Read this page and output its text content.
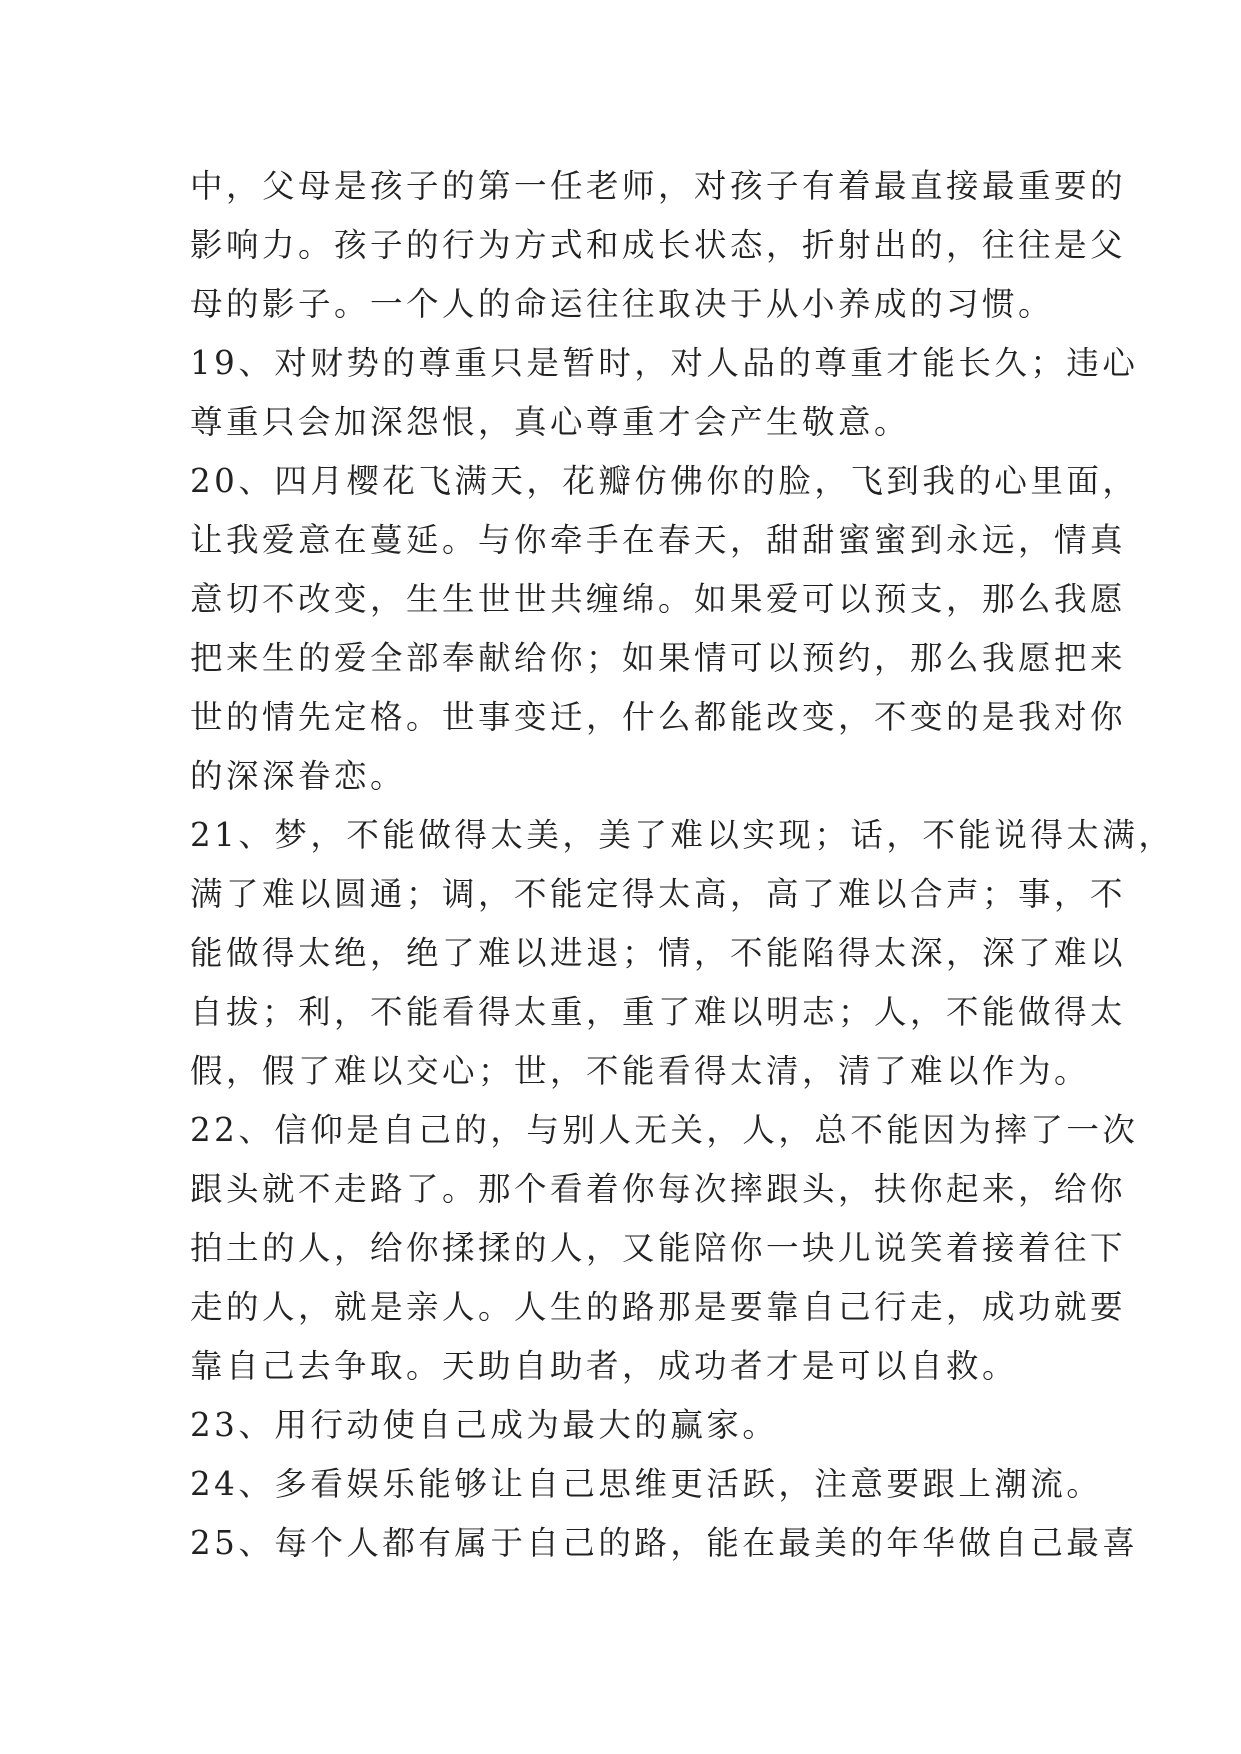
中，父母是孩子的第一任老师，对孩子有着最直接最重要的
影响力。孩子的行为方式和成长状态，折射出的，往往是父
母的影子。一个人的命运往往取决于从小养成的习惯。
19、对财势的尊重只是暂时，对人品的尊重才能长久；违心
尊重只会加深怨恨，真心尊重才会产生敬意。
20、四月樱花飞满天，花瓣仿佛你的脸，飞到我的心里面，
让我爱意在蔓延。与你牵手在春天，甜甜蜜蜜到永远，情真
意切不改变，生生世世共缠绵。如果爱可以预支，那么我愿
把来生的爱全部奉献给你；如果情可以预约，那么我愿把来
世的情先定格。世事变迁，什么都能改变，不变的是我对你
的深深眷恋。
21、梦，不能做得太美，美了难以实现；话，不能说得太满，
满了难以圆通；调，不能定得太高，高了难以合声；事，不
能做得太绝，绝了难以进退；情，不能陷得太深，深了难以
自拔；利，不能看得太重，重了难以明志；人，不能做得太
假，假了难以交心；世，不能看得太清，清了难以作为。
22、信仰是自己的，与别人无关，人，总不能因为摔了一次
跟头就不走路了。那个看着你每次摔跟头，扶你起来，给你
拍土的人，给你揉揉的人，又能陪你一块儿说笑着接着往下
走的人，就是亲人。人生的路那是要靠自己行走，成功就要
靠自己去争取。天助自助者，成功者才是可以自救。
23、用行动使自己成为最大的赢家。
24、多看娱乐能够让自己思维更活跃，注意要跟上潮流。
25、每个人都有属于自己的路，能在最美的年华做自己最喜
